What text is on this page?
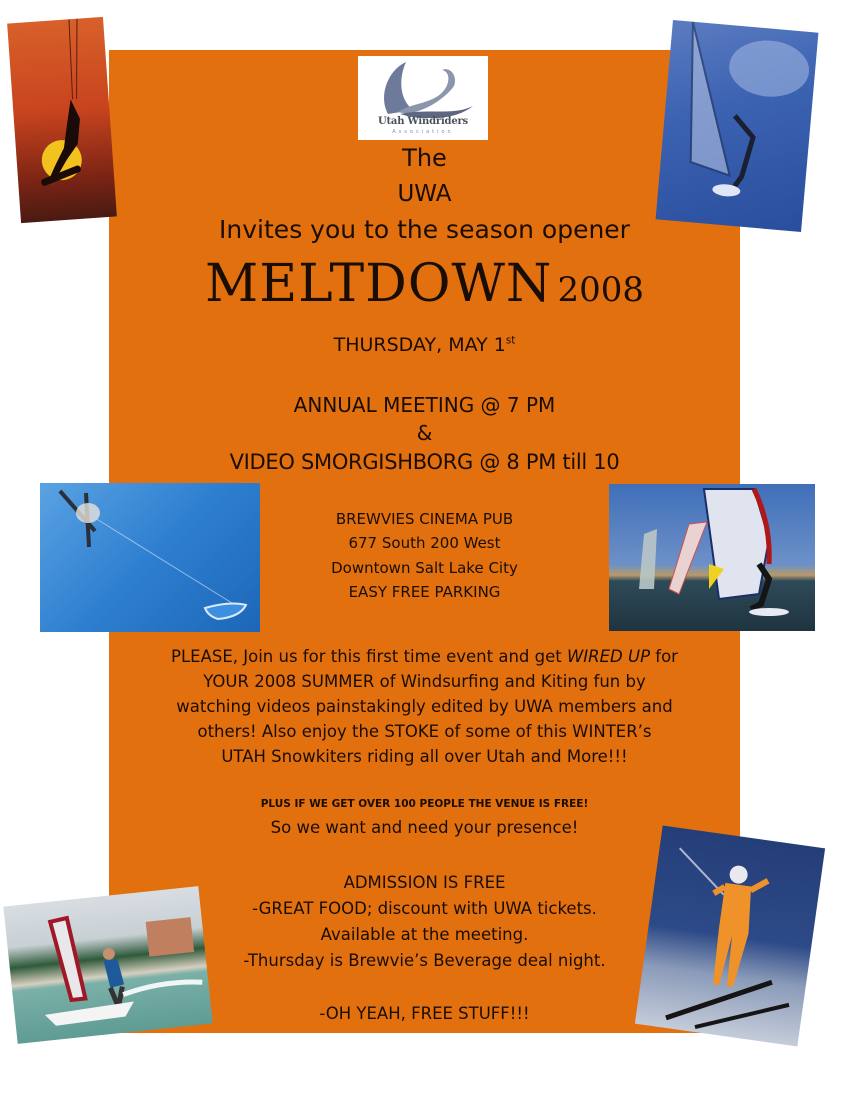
Utah Windriders
Association
The
UWA
Invites you to the season opener
MELTDOWN 2008
THURSDAY, MAY 1st
ANNUAL MEETING @ 7 PM
&
VIDEO SMORGISHBORG @ 8 PM till 10
BREWVIES CINEMA PUB
677 South 200 West
Downtown Salt Lake City
EASY FREE PARKING
PLEASE, Join us for this first time event and get WIRED UP for
YOUR 2008 SUMMER of Windsurfing and Kiting fun by
watching videos painstakingly edited by UWA members and
others! Also enjoy the STOKE of some of this WINTER’s
UTAH Snowkiters riding all over Utah and More!!!
PLUS IF WE GET OVER 100 PEOPLE THE VENUE IS FREE!
So we want and need your presence!
ADMISSION IS FREE
-GREAT FOOD; discount with UWA tickets.
Available at the meeting.
-Thursday is Brewvie’s Beverage deal night.
-OH YEAH, FREE STUFF!!!
